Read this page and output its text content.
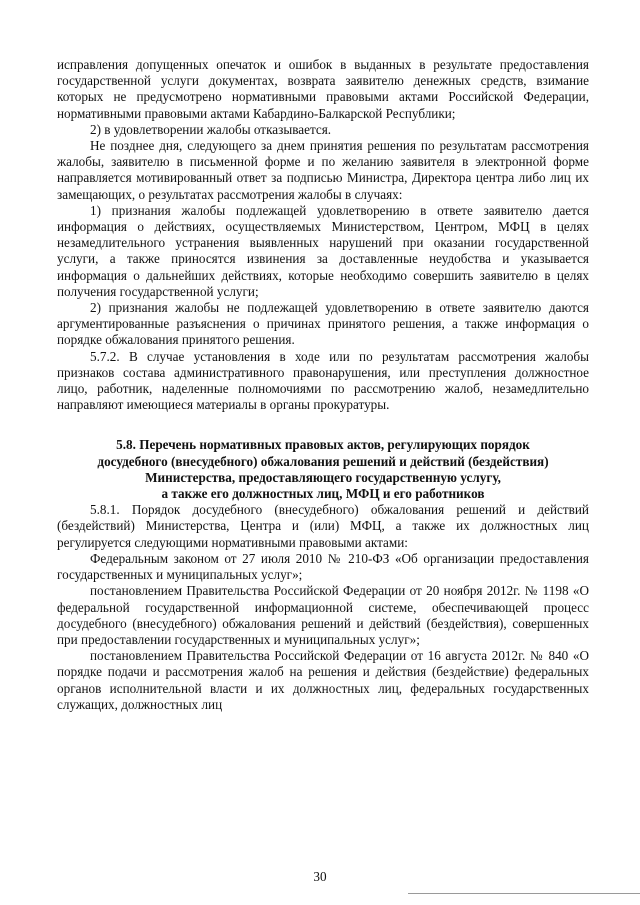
исправления допущенных опечаток и ошибок в выданных в результате предоставления государственной услуги документах, возврата заявителю денежных средств, взимание которых не предусмотрено нормативными правовыми актами Российской Федерации, нормативными правовыми актами Кабардино-Балкарской Республики;

2) в удовлетворении жалобы отказывается.

Не позднее дня, следующего за днем принятия решения по результатам рассмотрения жалобы, заявителю в письменной форме и по желанию заявителя в электронной форме направляется мотивированный ответ за подписью Министра, Директора центра либо лиц их замещающих, о результатах рассмотрения жалобы в случаях:

1) признания жалобы подлежащей удовлетворению в ответе заявителю дается информация о действиях, осуществляемых Министерством, Центром, МФЦ в целях незамедлительного устранения выявленных нарушений при оказании государственной услуги, а также приносятся извинения за доставленные неудобства и указывается информация о дальнейших действиях, которые необходимо совершить заявителю в целях получения государственной услуги;

2) признания жалобы не подлежащей удовлетворению в ответе заявителю даются аргументированные разъяснения о причинах принятого решения, а также информация о порядке обжалования принятого решения.

5.7.2. В случае установления в ходе или по результатам рассмотрения жалобы признаков состава административного правонарушения, или преступления должностное лицо, работник, наделенные полномочиями по рассмотрению жалоб, незамедлительно направляют имеющиеся материалы в органы прокуратуры.

5.8. Перечень нормативных правовых актов, регулирующих порядок
досудебного (внесудебного) обжалования решений и действий (бездействия)
Министерства, предоставляющего государственную услугу,
а также его должностных лиц, МФЦ и его работников

5.8.1. Порядок досудебного (внесудебного) обжалования решений и действий (бездействий) Министерства, Центра и (или) МФЦ, а также их должностных лиц регулируется следующими нормативными правовыми актами:

Федеральным законом от 27 июля 2010 № 210-ФЗ «Об организации предоставления государственных и муниципальных услуг»;

постановлением Правительства Российской Федерации от 20 ноября 2012г. № 1198 «О федеральной государственной информационной системе, обеспечивающей процесс досудебного (внесудебного) обжалования решений и действий (бездействия), совершенных при предоставлении государственных и муниципальных услуг»;

постановлением Правительства Российской Федерации от 16 августа 2012г. № 840 «О порядке подачи и рассмотрения жалоб на решения и действия (бездействие) федеральных органов исполнительной власти и их должностных лиц, федеральных государственных служащих, должностных лиц

30
